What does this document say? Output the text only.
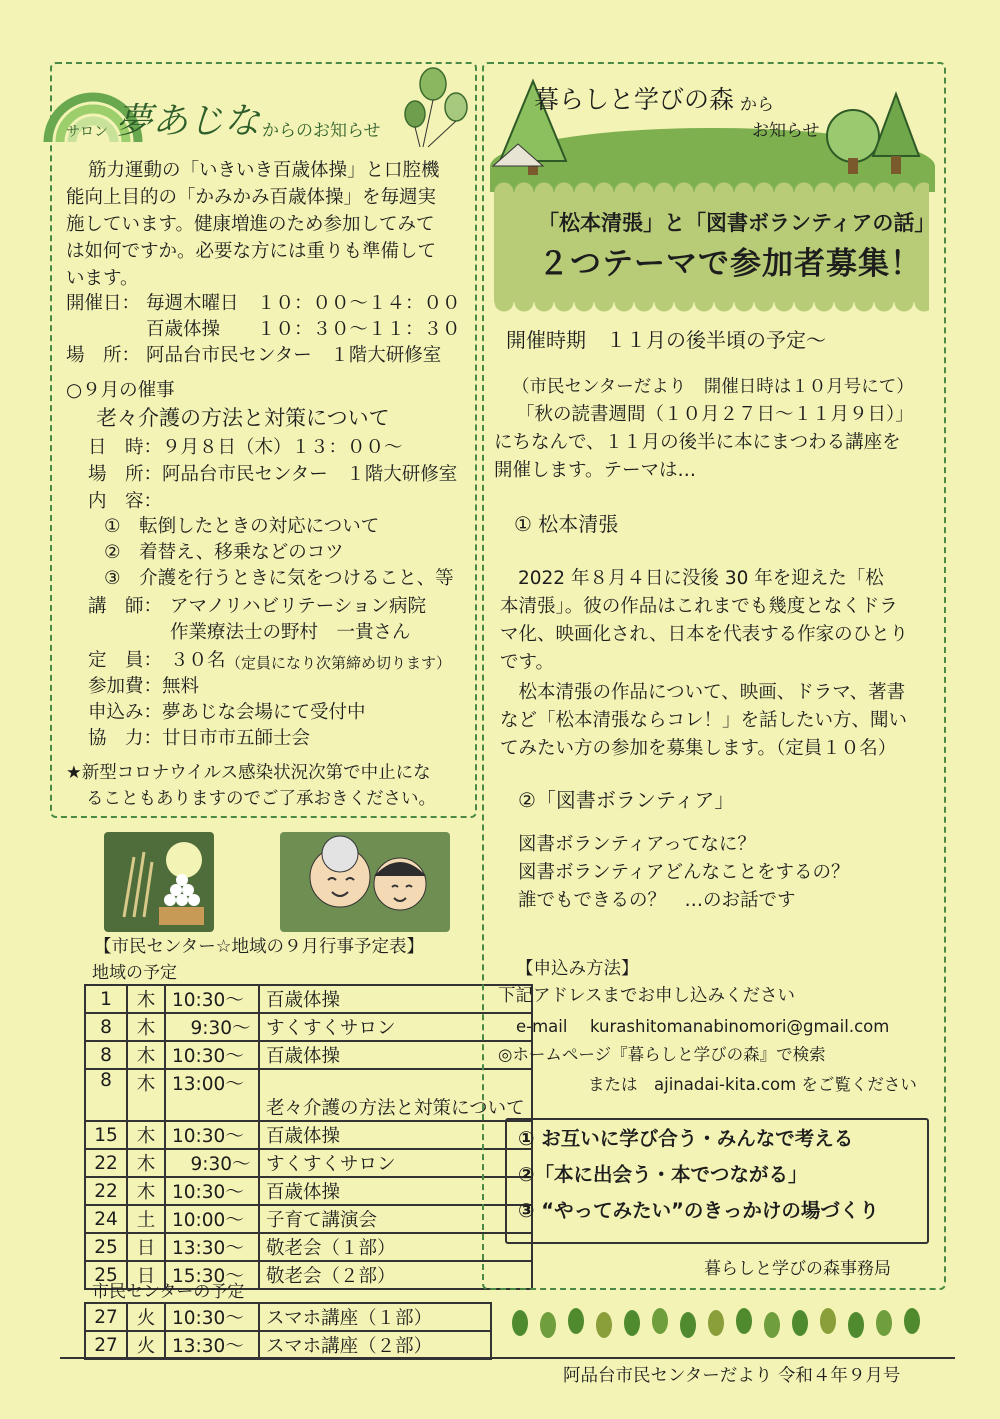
サロン 夢あじな からのお知らせ
筋力運動の「いきいき百歳体操」と口腔機
能向上目的の「かみかみ百歳体操」を毎週実
施しています。健康増進のため参加してみて
は如何ですか。必要な方には重りも準備して
います。
開催日： 毎週木曜日　１０：００〜１４：００
百歳体操　　１０：３０〜１１：３０
場　所： 阿品台市民センター　１階大研修室
○９月の催事
老々介護の方法と対策について
日　時：９月８日（木）１３：００〜
場　所：阿品台市民センター　１階大研修室
内　容：
①　転倒したときの対応について
②　着替え、移乗などのコツ
③　介護を行うときに気をつけること、等
講　師： アマノリハビリテーション病院
作業療法士の野村　一貴さん
定　員： ３０名 （定員になり次第締め切ります）
参加費：無料
申込み：夢あじな会場にて受付中
協　力：廿日市市五師士会
★新型コロナウイルス感染状況次第で中止にな
ることもありますのでご了承おきください。
【市民センター☆地域の９月行事予定表】
地域の予定
1	木	10:30〜	百歳体操
8	木	　9:30〜	すくすくサロン
8	木	10:30〜	百歳体操
8	木	13:00〜	老々介護の方法と対策について
15	木	10:30〜	百歳体操
22	木	　9:30〜	すくすくサロン
22	木	10:30〜	百歳体操
24	土	10:00〜	子育て講演会
25	日	13:30〜	敬老会（１部）
25	日	15:30〜	敬老会（２部）
市民センターの予定
27	火	10:30〜	スマホ講座（１部）
27	火	13:30〜	スマホ講座（２部）
暮らしと学びの森 から
お知らせ
「松本清張」と「図書ボランティアの話」
２つテーマで参加者募集！
開催時期　１１月の後半頃の予定〜
（市民センターだより　開催日時は１０月号にて）
「秋の読書週間（１０月２７日〜１１月９日）」
にちなんで、１１月の後半に本にまつわる講座を
開催します。テーマは…
① 松本清張
2022 年８月４日に没後 30 年を迎えた「松
本清張」。彼の作品はこれまでも幾度となくドラ
マ化、映画化され、日本を代表する作家のひとり
です。
　松本清張の作品について、映画、ドラマ、著書
など「松本清張ならコレ！」を話したい方、聞い
てみたい方の参加を募集します。（定員１０名）
②「図書ボランティア」
図書ボランティアってなに？
図書ボランティアどんなことをするの？
誰でもできるの？　…のお話です
【申込み方法】
下記アドレスまでお申し込みください
e-mail kurashitomanabinomori@gmail.com
◎ホームページ『暮らしと学びの森』で検索
または　ajinadai-kita.com をご覧ください
① お互いに学び合う・みんなで考える
②「本に出会う・本でつながる」
③ “やってみたい”のきっかけの場づくり
暮らしと学びの森事務局
阿品台市民センターだより 令和４年９月号
